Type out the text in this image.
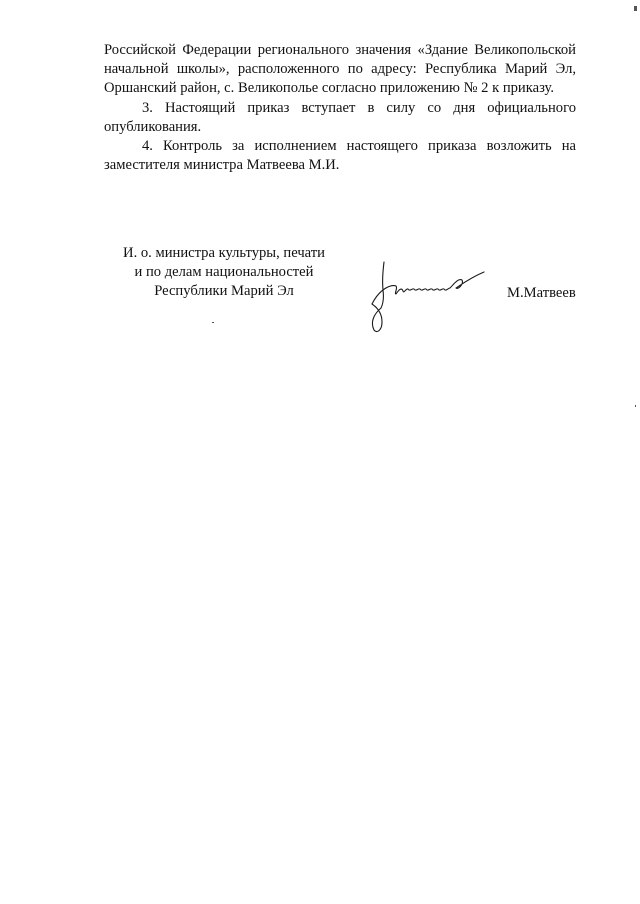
Российской Федерации регионального значения «Здание Великопольской начальной школы», расположенного по адресу: Республика Марий Эл, Оршанский район, с. Великополье согласно приложению № 2 к приказу.

3. Настоящий приказ вступает в силу со дня официального опубликования.

4. Контроль за исполнением настоящего приказа возложить на заместителя министра Матвеева М.И.

И. о. министра культуры, печати
и по делам национальностей
Республики Марий Эл	М.Матвеев
